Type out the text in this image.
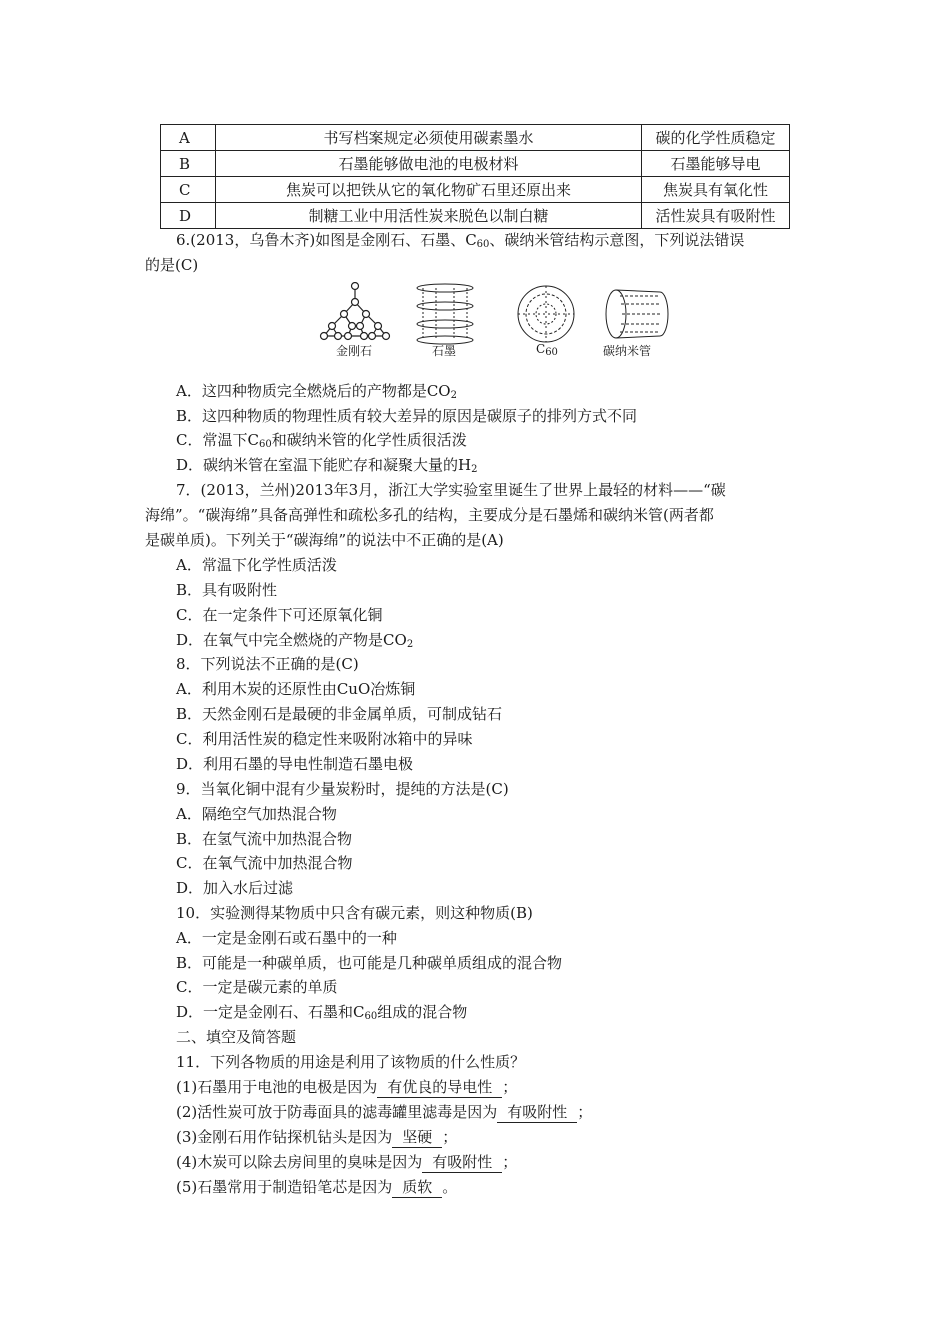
A	书写档案规定必须使用碳素墨水	碳的化学性质稳定
B	石墨能够做电池的电极材料	石墨能够导电
C	焦炭可以把铁从它的氧化物矿石里还原出来	焦炭具有氧化性
D	制糖工业中用活性炭来脱色以制白糖	活性炭具有吸附性
6.(2013，乌鲁木齐)如图是金刚石、石墨、$C_{60}$、碳纳米管结构示意图，下列说法错误
的是(C)
金刚石	石墨	$C_{60}$	碳纳米管
A．这四种物质完全燃烧后的产物都是$CO_2$
B．这四种物质的物理性质有较大差异的原因是碳原子的排列方式不同
C．常温下$C_{60}$和碳纳米管的化学性质很活泼
D．碳纳米管在室温下能贮存和凝聚大量的$H_2$
7．(2013，兰州)2013年3月，浙江大学实验室里诞生了世界上最轻的材料——“碳
海绵”。“碳海绵”具备高弹性和疏松多孔的结构，主要成分是石墨烯和碳纳米管(两者都
是碳单质)。下列关于“碳海绵”的说法中不正确的是(A)
A．常温下化学性质活泼
B．具有吸附性
C．在一定条件下可还原氧化铜
D．在氧气中完全燃烧的产物是$CO_2$
8．下列说法不正确的是(C)
A．利用木炭的还原性由CuO冶炼铜
B．天然金刚石是最硬的非金属单质，可制成钻石
C．利用活性炭的稳定性来吸附冰箱中的异味
D．利用石墨的导电性制造石墨电极
9．当氧化铜中混有少量炭粉时，提纯的方法是(C)
A．隔绝空气加热混合物
B．在氢气流中加热混合物
C．在氧气流中加热混合物
D．加入水后过滤
10．实验测得某物质中只含有碳元素，则这种物质(B)
A．一定是金刚石或石墨中的一种
B．可能是一种碳单质，也可能是几种碳单质组成的混合物
C．一定是碳元素的单质
D．一定是金刚石、石墨和$C_{60}$组成的混合物
二、填空及简答题
11．下列各物质的用途是利用了该物质的什么性质？
(1)石墨用于电池的电极是因为 有优良的导电性 ；
(2)活性炭可放于防毒面具的滤毒罐里滤毒是因为 有吸附性 ；
(3)金刚石用作钻探机钻头是因为 坚硬 ；
(4)木炭可以除去房间里的臭味是因为 有吸附性 ；
(5)石墨常用于制造铅笔芯是因为 质软 。
